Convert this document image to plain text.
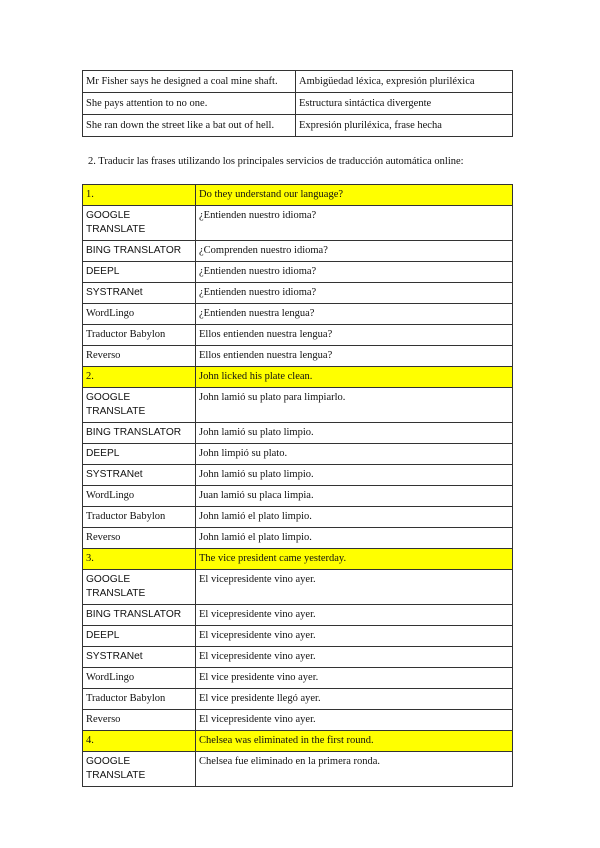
Mr Fisher says he designed a coal mine shaft.	Ambigüedad léxica, expresión pluriléxica
She pays attention to no one.	Estructura sintáctica divergente
She ran down the street like a bat out of hell.	Expresión pluriléxica, frase hecha
2. Traducir las frases utilizando los principales servicios de traducción automática online:
1.	Do they understand our language?
GOOGLE TRANSLATE	¿Entienden nuestro idioma?
BING TRANSLATOR	¿Comprenden nuestro idioma?
DEEPL	¿Entienden nuestro idioma?
SYSTRANet	¿Entienden nuestro idioma?
WordLingo	¿Entienden nuestra lengua?
Traductor Babylon	Ellos entienden nuestra lengua?
Reverso	Ellos entienden nuestra lengua?
2.	John licked his plate clean.
GOOGLE TRANSLATE	John lamió su plato para limpiarlo.
BING TRANSLATOR	John lamió su plato limpio.
DEEPL	John limpió su plato.
SYSTRANet	John lamió su plato limpio.
WordLingo	Juan lamió su placa limpia.
Traductor Babylon	John lamió el plato limpio.
Reverso	John lamió el plato limpio.
3.	The vice president came yesterday.
GOOGLE TRANSLATE	El vicepresidente vino ayer.
BING TRANSLATOR	El vicepresidente vino ayer.
DEEPL	El vicepresidente vino ayer.
SYSTRANet	El vicepresidente vino ayer.
WordLingo	El vice presidente vino ayer.
Traductor Babylon	El vice presidente llegó ayer.
Reverso	El vicepresidente vino ayer.
4.	Chelsea was eliminated in the first round.
GOOGLE TRANSLATE	Chelsea fue eliminado en la primera ronda.
